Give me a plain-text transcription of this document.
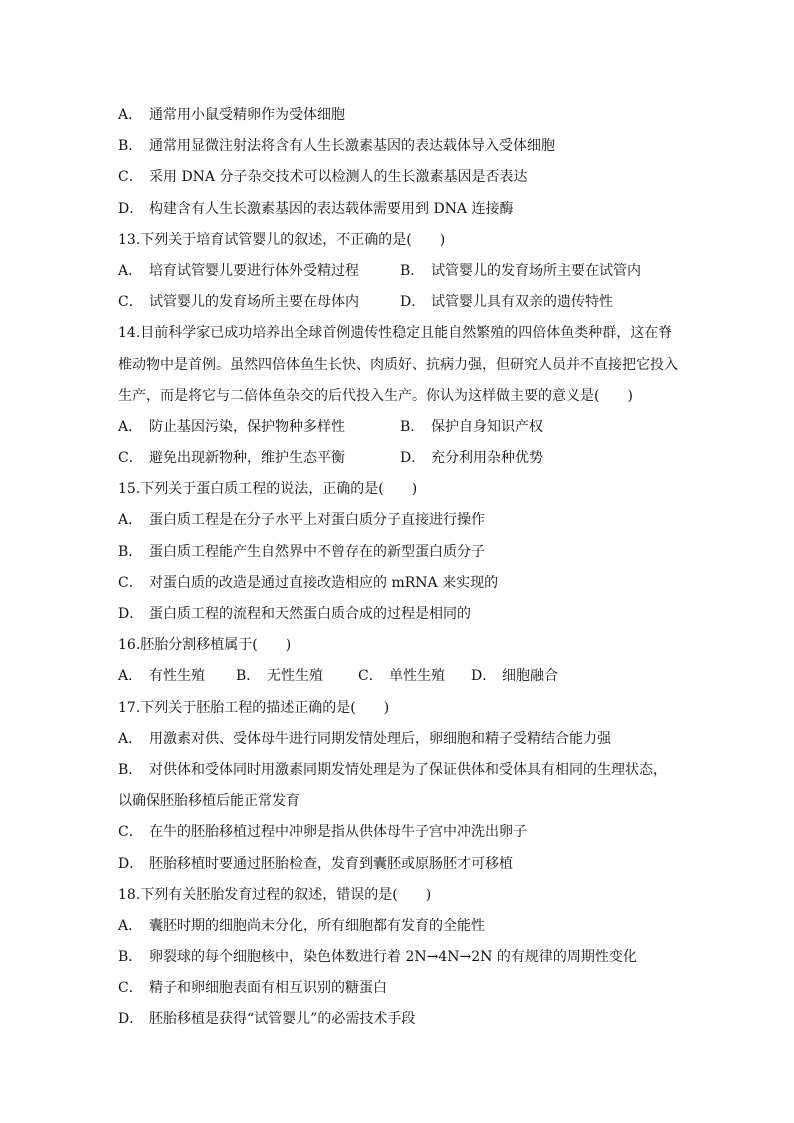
A． 通常用小鼠受精卵作为受体细胞
B． 通常用显微注射法将含有人生长激素基因的表达载体导入受体细胞
C． 采用 DNA 分子杂交技术可以检测人的生长激素基因是否表达
D． 构建含有人生长激素基因的表达载体需要用到 DNA 连接酶
13.下列关于培育试管婴儿的叙述，不正确的是(　　)
A． 培育试管婴儿要进行体外受精过程	B． 试管婴儿的发育场所主要在试管内
C． 试管婴儿的发育场所主要在母体内	D． 试管婴儿具有双亲的遗传特性
14.目前科学家已成功培养出全球首例遗传性稳定且能自然繁殖的四倍体鱼类种群，这在脊
椎动物中是首例。虽然四倍体鱼生长快、肉质好、抗病力强，但研究人员并不直接把它投入
生产，而是将它与二倍体鱼杂交的后代投入生产。你认为这样做主要的意义是(　　)
A． 防止基因污染，保护物种多样性	B． 保护自身知识产权
C． 避免出现新物种，维护生态平衡	D． 充分利用杂种优势
15.下列关于蛋白质工程的说法，正确的是(　　)
A． 蛋白质工程是在分子水平上对蛋白质分子直接进行操作
B． 蛋白质工程能产生自然界中不曾存在的新型蛋白质分子
C． 对蛋白质的改造是通过直接改造相应的 mRNA 来实现的
D． 蛋白质工程的流程和天然蛋白质合成的过程是相同的
16.胚胎分割移植属于(　　)
A． 有性生殖	B． 无性生殖	C． 单性生殖	D． 细胞融合
17.下列关于胚胎工程的描述正确的是(　　)
A． 用激素对供、受体母牛进行同期发情处理后，卵细胞和精子受精结合能力强
B． 对供体和受体同时用激素同期发情处理是为了保证供体和受体具有相同的生理状态，
以确保胚胎移植后能正常发育
C． 在牛的胚胎移植过程中冲卵是指从供体母牛子宫中冲洗出卵子
D． 胚胎移植时要通过胚胎检查，发育到囊胚或原肠胚才可移植
18.下列有关胚胎发育过程的叙述，错误的是(　　)
A． 囊胚时期的细胞尚未分化，所有细胞都有发育的全能性
B． 卵裂球的每个细胞核中，染色体数进行着 2N→4N→2N 的有规律的周期性变化
C． 精子和卵细胞表面有相互识别的糖蛋白
D． 胚胎移植是获得“试管婴儿”的必需技术手段
